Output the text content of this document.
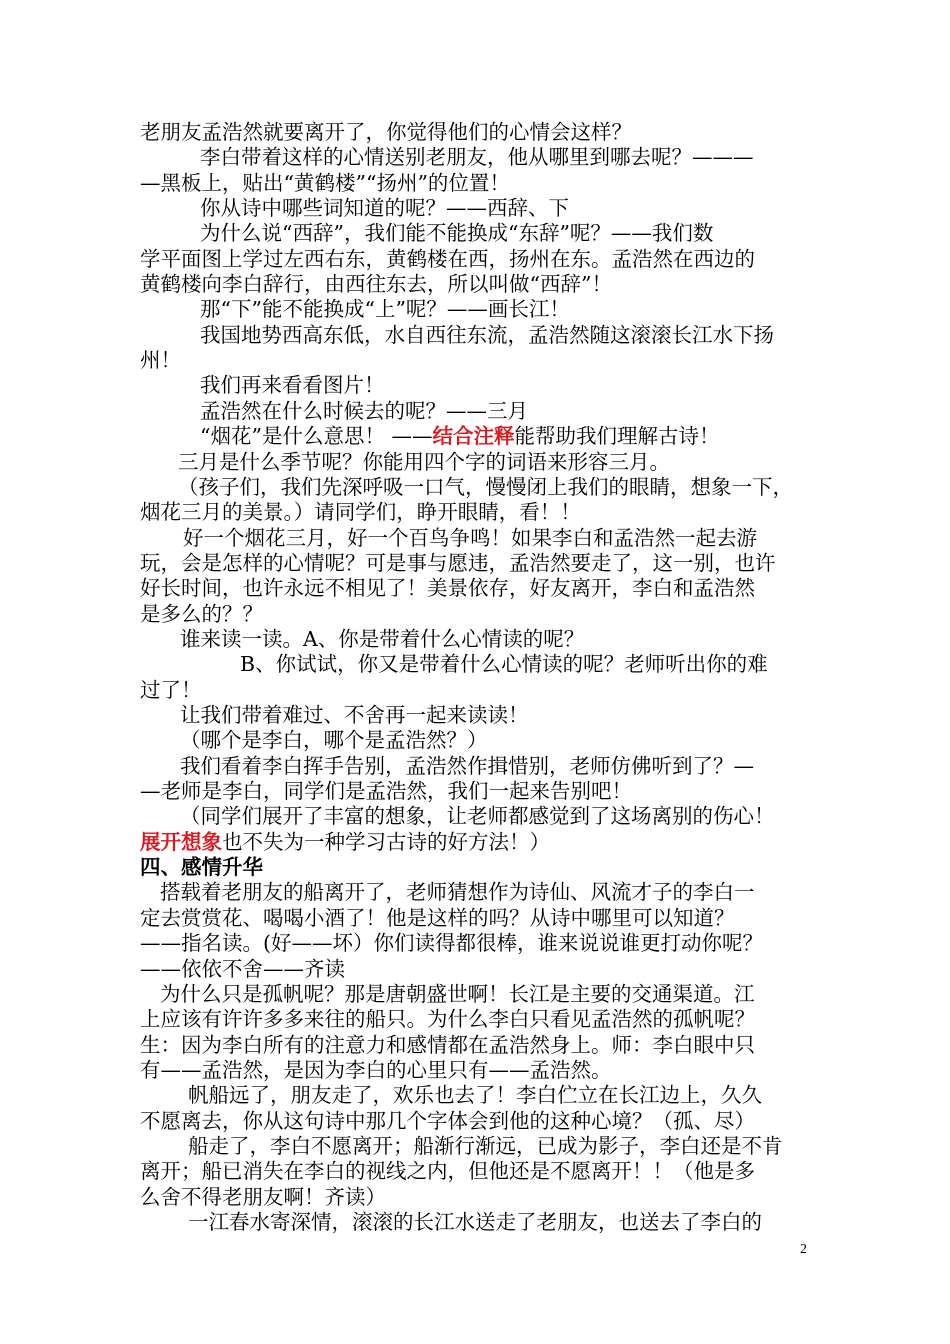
老朋友孟浩然就要离开了，你觉得他们的心情会这样？
李白带着这样的心情送别老朋友，他从哪里到哪去呢？———
—黑板上，贴出“黄鹤楼”“扬州”的位置！
你从诗中哪些词知道的呢？——西辞、下
为什么说“西辞”，我们能不能换成“东辞”呢？——我们数
学平面图上学过左西右东，黄鹤楼在西，扬州在东。孟浩然在西边的
黄鹤楼向李白辞行，由西往东去，所以叫做“西辞”！
那“下”能不能换成“上”呢？——画长江！
我国地势西高东低，水自西往东流，孟浩然随这滚滚长江水下扬
州！
我们再来看看图片！
孟浩然在什么时候去的呢？——三月
“烟花”是什么意思！ ——结合注释能帮助我们理解古诗！
三月是什么季节呢？你能用四个字的词语来形容三月。
（孩子们，我们先深呼吸一口气，慢慢闭上我们的眼睛，想象一下，
烟花三月的美景。）请同学们，睁开眼睛，看！！
好一个烟花三月，好一个百鸟争鸣！如果李白和孟浩然一起去游
玩，会是怎样的心情呢？可是事与愿违，孟浩然要走了，这一别，也许
好长时间，也许永远不相见了！美景依存，好友离开，李白和孟浩然
是多么的？？
谁来读一读。A、你是带着什么心情读的呢？
B、你试试，你又是带着什么心情读的呢？老师听出你的难
过了！
让我们带着难过、不舍再一起来读读！
（哪个是李白，哪个是孟浩然？）
我们看着李白挥手告别，孟浩然作揖惜别，老师仿佛听到了？—
—老师是李白，同学们是孟浩然，我们一起来告别吧！
（同学们展开了丰富的想象，让老师都感觉到了这场离别的伤心！
展开想象也不失为一种学习古诗的好方法！）
四、感情升华
搭载着老朋友的船离开了，老师猜想作为诗仙、风流才子的李白一
定去赏赏花、喝喝小酒了！他是这样的吗？从诗中哪里可以知道？
——指名读。(好——坏）你们读得都很棒，谁来说说谁更打动你呢？
——依依不舍——齐读
为什么只是孤帆呢？那是唐朝盛世啊！长江是主要的交通渠道。江
上应该有许许多多来往的船只。为什么李白只看见孟浩然的孤帆呢？
生：因为李白所有的注意力和感情都在孟浩然身上。师：李白眼中只
有——孟浩然，是因为李白的心里只有——孟浩然。
帆船远了，朋友走了，欢乐也去了！李白伫立在长江边上，久久
不愿离去，你从这句诗中那几个字体会到他的这种心境？（孤、尽）
船走了，李白不愿离开；船渐行渐远，已成为影子，李白还是不肯
离开；船已消失在李白的视线之内，但他还是不愿离开！！（他是多
么舍不得老朋友啊！齐读）
一江春水寄深情，滚滚的长江水送走了老朋友，也送去了李白的
2
